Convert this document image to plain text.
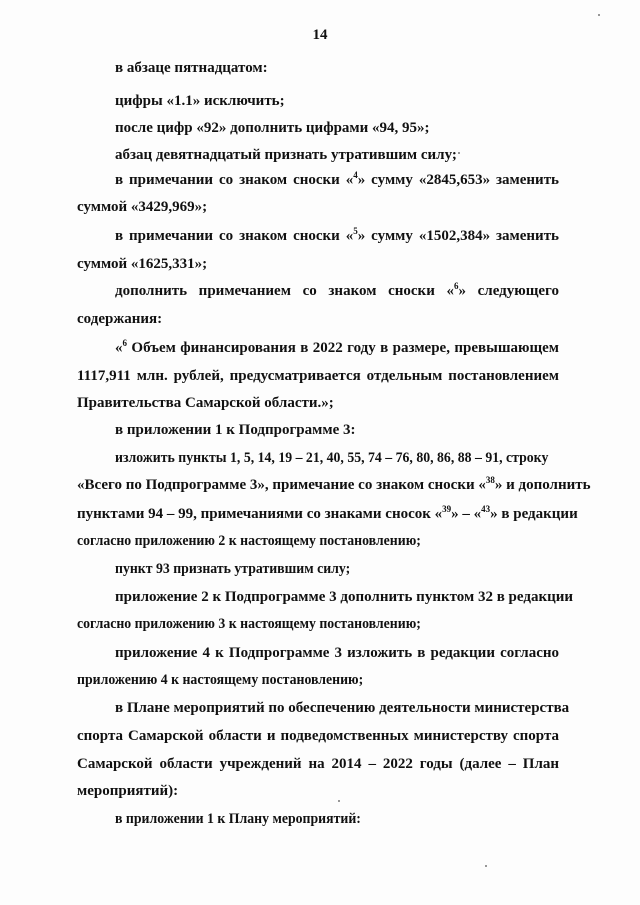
14
в абзаце пятнадцатом:
цифры «1.1» исключить;
после цифр «92» дополнить цифрами «94, 95»;
абзац девятнадцатый признать утратившим силу;
в примечании со знаком сноски «$^4$» сумму «2845,653» заменить
суммой «3429,969»;
в примечании со знаком сноски «$^5$» сумму «1502,384» заменить
суммой «1625,331»;
дополнить примечанием со знаком сноски «$^6$» следующего
содержания:
«$^6$ Объем финансирования в 2022 году в размере, превышающем
1117,911 млн. рублей, предусматривается отдельным постановлением
Правительства Самарской области.»;
в приложении 1 к Подпрограмме 3:
изложить пункты 1, 5, 14, 19 – 21, 40, 55, 74 – 76, 80, 86, 88 – 91, строку
«Всего по Подпрограмме 3», примечание со знаком сноски «$^{38}$» и дополнить
пунктами 94 – 99, примечаниями со знаками сносок «$^{39}$» – «$^{43}$» в редакции
согласно приложению 2 к настоящему постановлению;
пункт 93 признать утратившим силу;
приложение 2 к Подпрограмме 3 дополнить пунктом 32 в редакции
согласно приложению 3 к настоящему постановлению;
приложение 4 к Подпрограмме 3 изложить в редакции согласно
приложению 4 к настоящему постановлению;
в Плане мероприятий по обеспечению деятельности министерства
спорта Самарской области и подведомственных министерству спорта
Самарской области учреждений на 2014 – 2022 годы (далее – План
мероприятий):
в приложении 1 к Плану мероприятий:
